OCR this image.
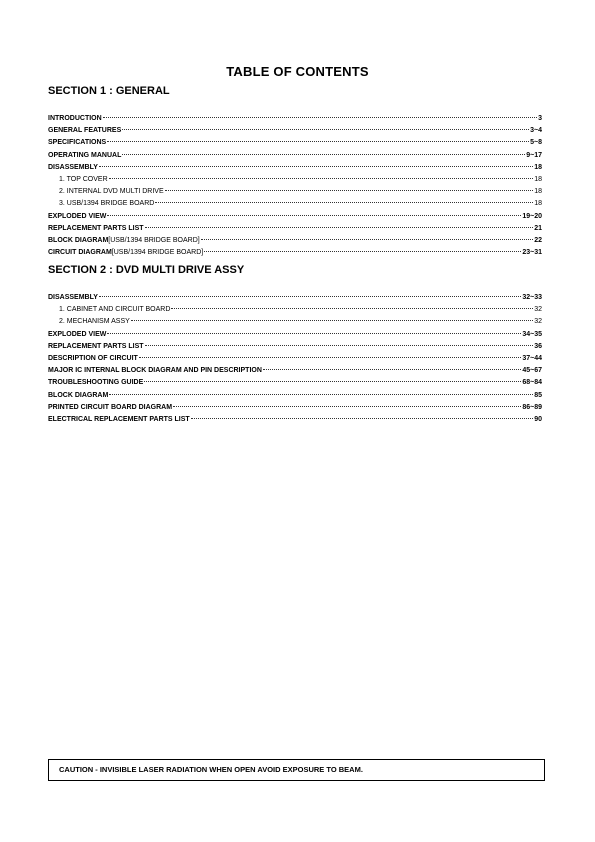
TABLE OF CONTENTS
SECTION 1 : GENERAL
INTRODUCTION	3
GENERAL FEATURES	3~4
SPECIFICATIONS	5~8
OPERATING MANUAL	9~17
DISASSEMBLY	18
1. TOP COVER	18
2. INTERNAL DVD MULTI DRIVE	18
3. USB/1394 BRIDGE BOARD	18
EXPLODED VIEW	19~20
REPLACEMENT PARTS LIST	21
BLOCK DIAGRAM[USB/1394 BRIDGE BOARD]	22
CIRCUIT DIAGRAM[USB/1394 BRIDGE BOARD]	23~31
SECTION 2 : DVD MULTI DRIVE ASSY
DISASSEMBLY	32~33
1. CABINET AND CIRCUIT BOARD	32
2. MECHANISM ASSY	32
EXPLODED VIEW	34~35
REPLACEMENT PARTS LIST	36
DESCRIPTION OF CIRCUIT	37~44
MAJOR IC INTERNAL BLOCK DIAGRAM AND PIN DESCRIPTION	45~67
TROUBLESHOOTING GUIDE	68~84
BLOCK DIAGRAM	85
PRINTED CIRCUIT BOARD DIAGRAM	86~89
ELECTRICAL REPLACEMENT PARTS LIST	90
CAUTION - INVISIBLE LASER RADIATION WHEN OPEN AVOID EXPOSURE TO BEAM.
